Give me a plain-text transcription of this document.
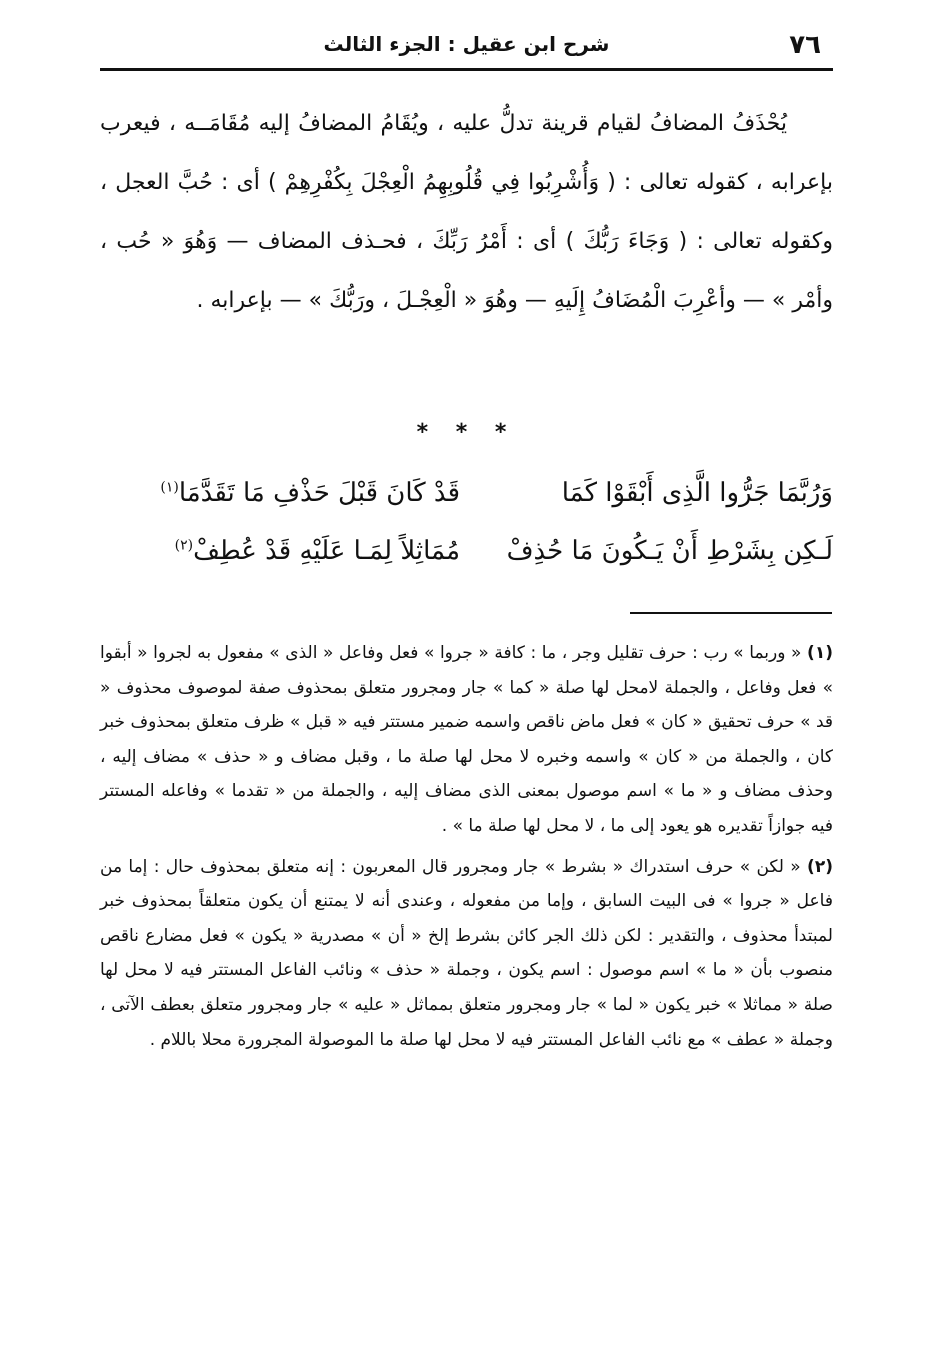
٧٦
شرح ابن عقيل : الجزء الثالث

يُحْذَفُ المضافُ لقيام قرينة تدلُّ عليه ، ويُقَامُ المضافُ إليه مُقَامَــه ، فيعرب بإعرابه ، كقوله تعالى : ( وَأُشْرِبُوا فِي قُلُوبِهِمُ الْعِجْلَ بِكُفْرِهِمْ ) أى : حُبَّ العجل ، وكقوله تعالى : ( وَجَاءَ رَبُّكَ ) أى : أَمْرُ رَبِّكَ ، فحـذف المضاف — وَهُوَ « حُب ، وأمْر » — وأعْرِبَ الْمُضَافُ إِلَيهِ — وهُوَ « الْعِجْـلَ ، ورَبُّكَ » — بإعرابه .

* * *
وَرُبَّمَا جَرُّوا الَّذِى أَبْقَوْا كَمَا
قَدْ كَانَ قَبْلَ حَذْفِ مَا تَقَدَّمَا$^{(١)}$
لَـكِن بِشَرْطِ أَنْ يَـكُونَ مَا حُذِفْ
مُمَاثِلاً لِمَـا عَلَيْهِ قَدْ عُطِفْ$^{(٢)}$

(١) « وربما » رب : حرف تقليل وجر ، ما : كافة « جروا » فعل وفاعل « الذى » مفعول به لجروا « أبقوا » فعل وفاعل ، والجملة لامحل لها صلة « كما » جار ومجرور متعلق بمحذوف صفة لموصوف محذوف « قد » حرف تحقيق « كان » فعل ماض ناقص واسمه ضمير مستتر فيه « قبل » ظرف متعلق بمحذوف خبر كان ، والجملة من « كان » واسمه وخبره لا محل لها صلة ما ، وقبل مضاف و « حذف » مضاف إليه ، وحذف مضاف و « ما » اسم موصول بمعنى الذى مضاف إليه ، والجملة من « تقدما » وفاعله المستتر فيه جوازاً تقديره هو يعود إلى ما ، لا محل لها صلة ما » .

(٢) « لكن » حرف استدراك « بشرط » جار ومجرور قال المعربون : إنه متعلق بمحذوف حال : إما من فاعل « جروا » فى البيت السابق ، وإما من مفعوله ، وعندى أنه لا يمتنع أن يكون متعلقاً بمحذوف خبر لمبتدأ محذوف ، والتقدير : لكن ذلك الجر كائن بشرط إلخ « أن » مصدرية « يكون » فعل مضارع ناقص منصوب بأن « ما » اسم موصول : اسم يكون ، وجملة « حذف » ونائب الفاعل المستتر فيه لا محل لها صلة « مماثلا » خبر يكون « لما » جار ومجرور متعلق بمماثل « عليه » جار ومجرور متعلق بعطف الآتى ، وجملة « عطف » مع نائب الفاعل المستتر فيه لا محل لها صلة ما الموصولة المجرورة محلا باللام .
